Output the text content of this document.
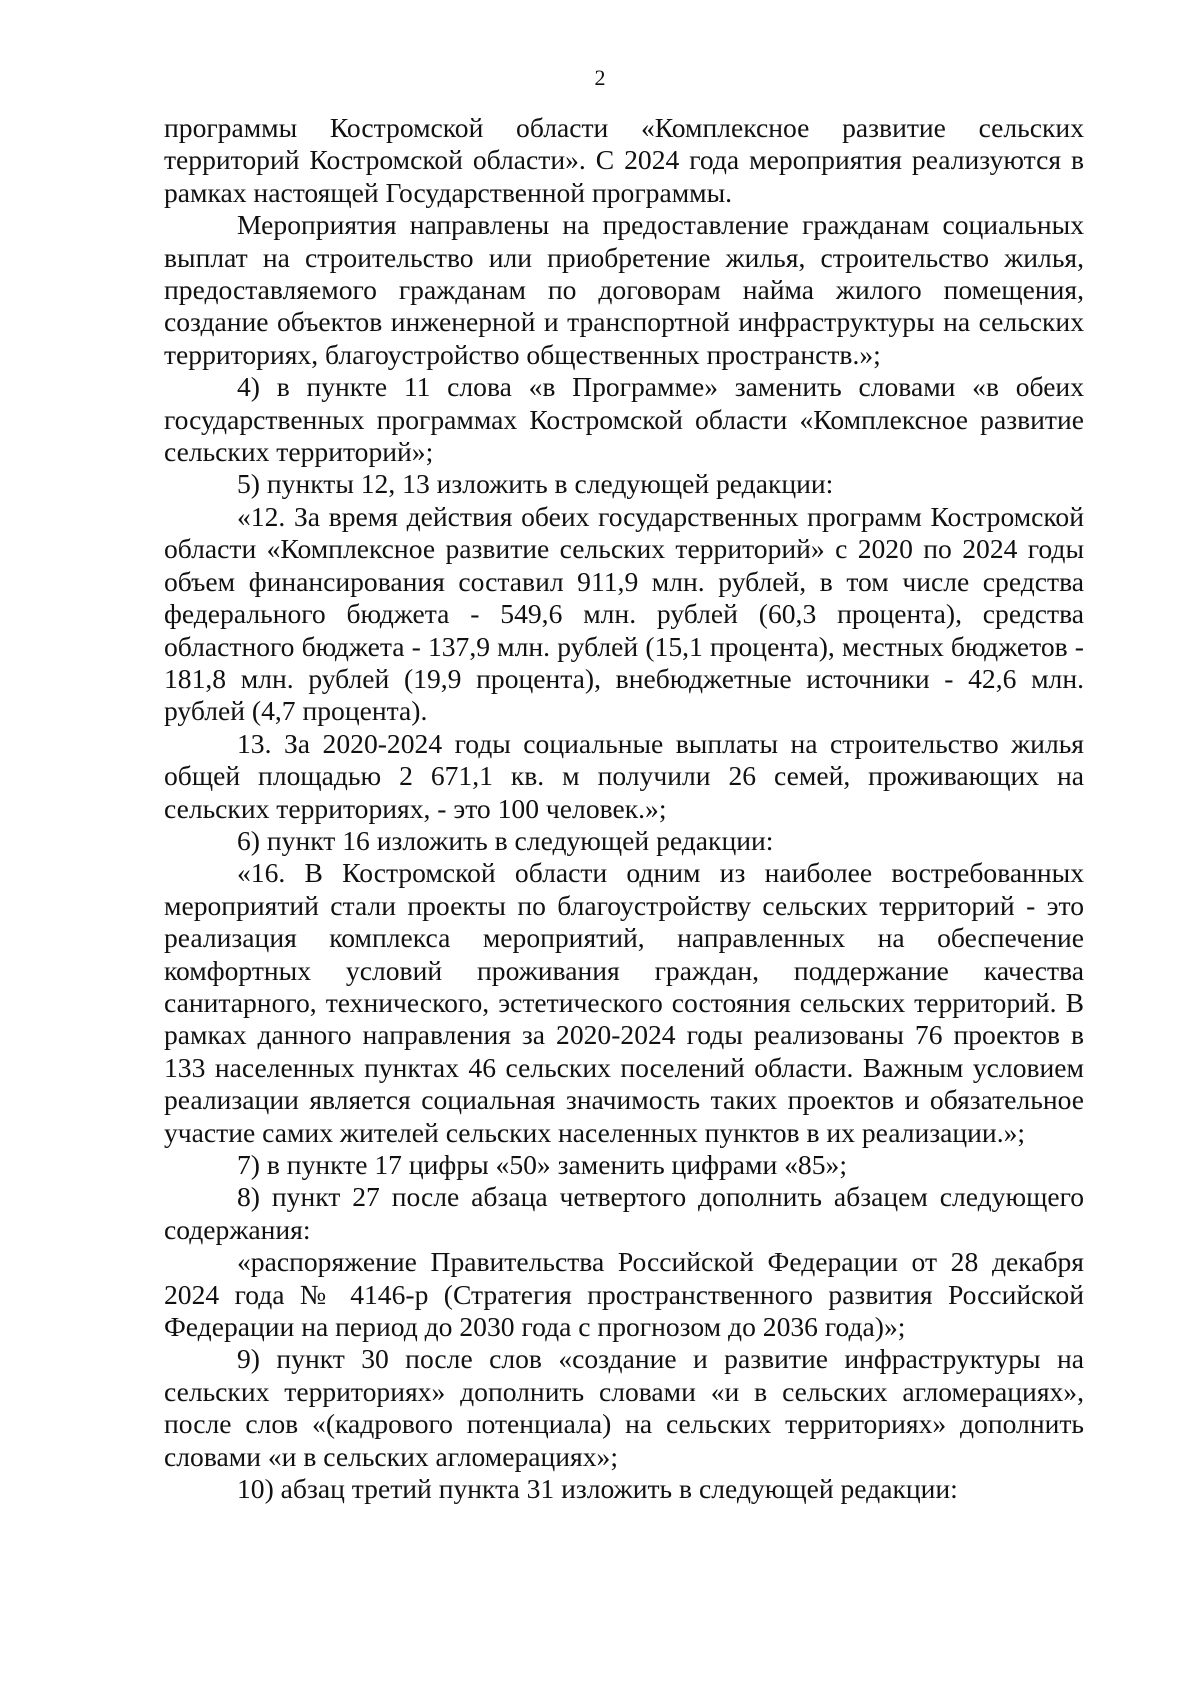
2

программы Костромской области «Комплексное развитие сельских территорий Костромской области». С 2024 года мероприятия реализуются в рамках настоящей Государственной программы.

Мероприятия направлены на предоставление гражданам социальных выплат на строительство или приобретение жилья, строительство жилья, предоставляемого гражданам по договорам найма жилого помещения, создание объектов инженерной и транспортной инфраструктуры на сельских территориях, благоустройство общественных пространств.»;

4) в пункте 11 слова «в Программе» заменить словами «в обеих государственных программах Костромской области «Комплексное развитие сельских территорий»;

5) пункты 12, 13 изложить в следующей редакции:

«12. За время действия обеих государственных программ Костромской области «Комплексное развитие сельских территорий» с 2020 по 2024 годы объем финансирования составил 911,9 млн. рублей, в том числе средства федерального бюджета - 549,6 млн. рублей (60,3 процента), средства областного бюджета - 137,9 млн. рублей (15,1 процента), местных бюджетов - 181,8 млн. рублей (19,9 процента), внебюджетные источники - 42,6 млн. рублей (4,7 процента).

13. За 2020-2024 годы социальные выплаты на строительство жилья общей площадью 2 671,1 кв. м получили 26 семей, проживающих на сельских территориях, - это 100 человек.»;

6) пункт 16 изложить в следующей редакции:

«16. В Костромской области одним из наиболее востребованных мероприятий стали проекты по благоустройству сельских территорий - это реализация комплекса мероприятий, направленных на обеспечение комфортных условий проживания граждан, поддержание качества санитарного, технического, эстетического состояния сельских территорий. В рамках данного направления за 2020-2024 годы реализованы 76 проектов в 133 населенных пунктах 46 сельских поселений области. Важным условием реализации является социальная значимость таких проектов и обязательное участие самих жителей сельских населенных пунктов в их реализации.»;

7) в пункте 17 цифры «50» заменить цифрами «85»;

8) пункт 27 после абзаца четвертого дополнить абзацем следующего содержания:

«распоряжение Правительства Российской Федерации от 28 декабря 2024 года № 4146-р (Стратегия пространственного развития Российской Федерации на период до 2030 года с прогнозом до 2036 года)»;

9) пункт 30 после слов «создание и развитие инфраструктуры на сельских территориях» дополнить словами «и в сельских агломерациях», после слов «(кадрового потенциала) на сельских территориях» дополнить словами «и в сельских агломерациях»;

10) абзац третий пункта 31 изложить в следующей редакции:
